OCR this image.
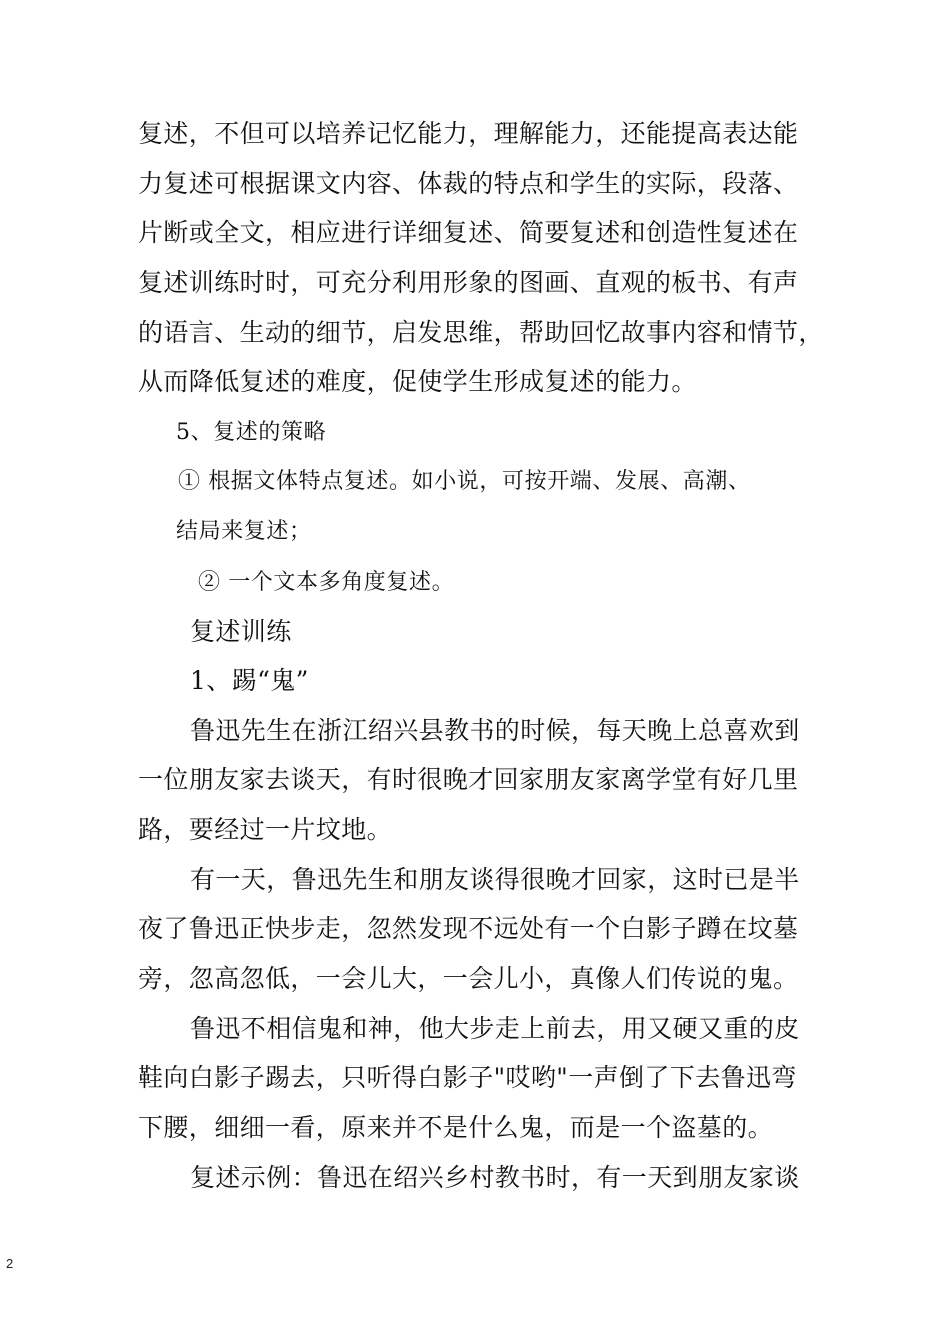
复述，不但可以培养记忆能力，理解能力，还能提高表达能
力复述可根据课文内容、体裁的特点和学生的实际，段落、
片断或全文，相应进行详细复述、简要复述和创造性复述在
复述训练时时，可充分利用形象的图画、直观的板书、有声
的语言、生动的细节，启发思维，帮助回忆故事内容和情节，
从而降低复述的难度，促使学生形成复述的能力。
5、复述的策略
① 根据文体特点复述。如小说，可按开端、发展、高潮、
结局来复述；
② 一个文本多角度复述。
复述训练
1、踢“鬼”
鲁迅先生在浙江绍兴县教书的时候，每天晚上总喜欢到
一位朋友家去谈天，有时很晚才回家朋友家离学堂有好几里
路，要经过一片坟地。
有一天，鲁迅先生和朋友谈得很晚才回家，这时已是半
夜了鲁迅正快步走，忽然发现不远处有一个白影子蹲在坟墓
旁，忽高忽低，一会儿大，一会儿小，真像人们传说的鬼。
鲁迅不相信鬼和神，他大步走上前去，用又硬又重的皮
鞋向白影子踢去，只听得白影子"哎哟"一声倒了下去鲁迅弯
下腰，细细一看，原来并不是什么鬼，而是一个盗墓的。
复述示例：鲁迅在绍兴乡村教书时，有一天到朋友家谈
2
